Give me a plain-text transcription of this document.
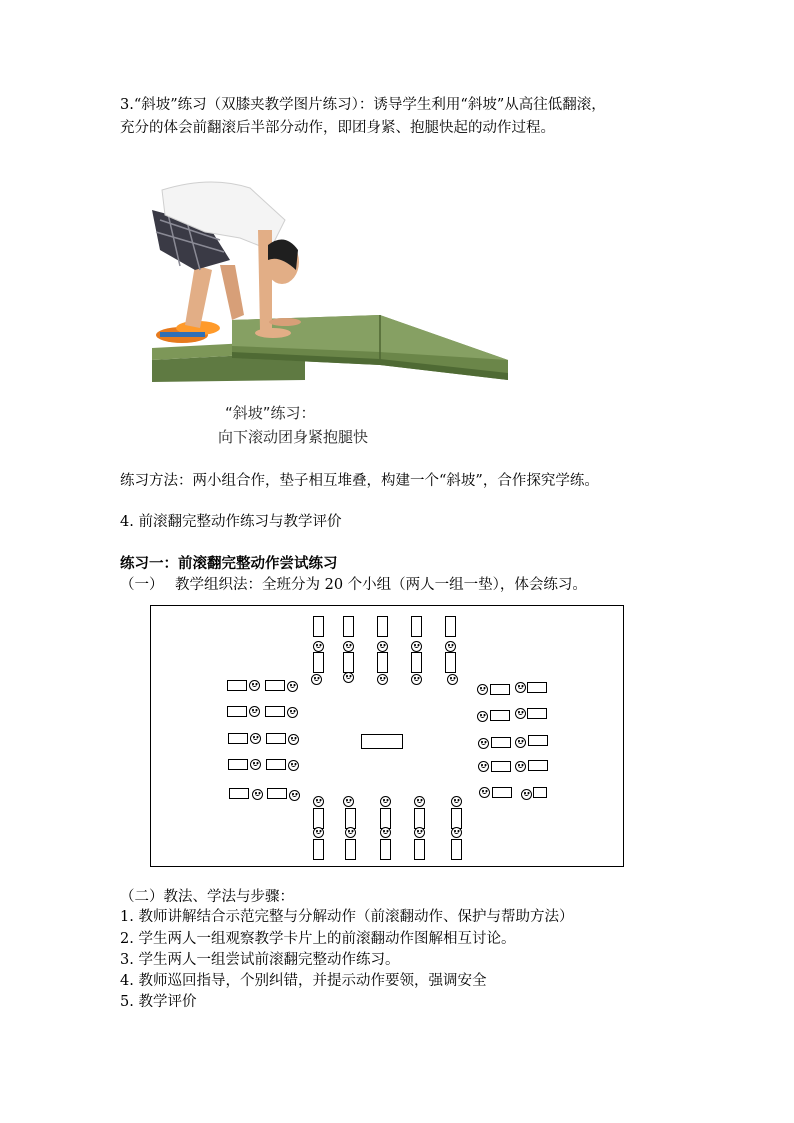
3.“斜坡”练习（双膝夹教学图片练习）：诱导学生利用“斜坡”从高往低翻滚，
充分的体会前翻滚后半部分动作，即团身紧、抱腿快起的动作过程。
“斜坡”练习：
向下滚动团身紧抱腿快
练习方法：两小组合作，垫子相互堆叠，构建一个“斜坡”，合作探究学练。
4. 前滚翻完整动作练习与教学评价
练习一：前滚翻完整动作尝试练习
（一） 教学组织法：全班分为 20 个小组（两人一组一垫），体会练习。
（二）教法、学法与步骤：
1. 教师讲解结合示范完整与分解动作（前滚翻动作、保护与帮助方法）
2. 学生两人一组观察教学卡片上的前滚翻动作图解相互讨论。
3. 学生两人一组尝试前滚翻完整动作练习。
4. 教师巡回指导，个别纠错，并提示动作要领，强调安全
5. 教学评价
